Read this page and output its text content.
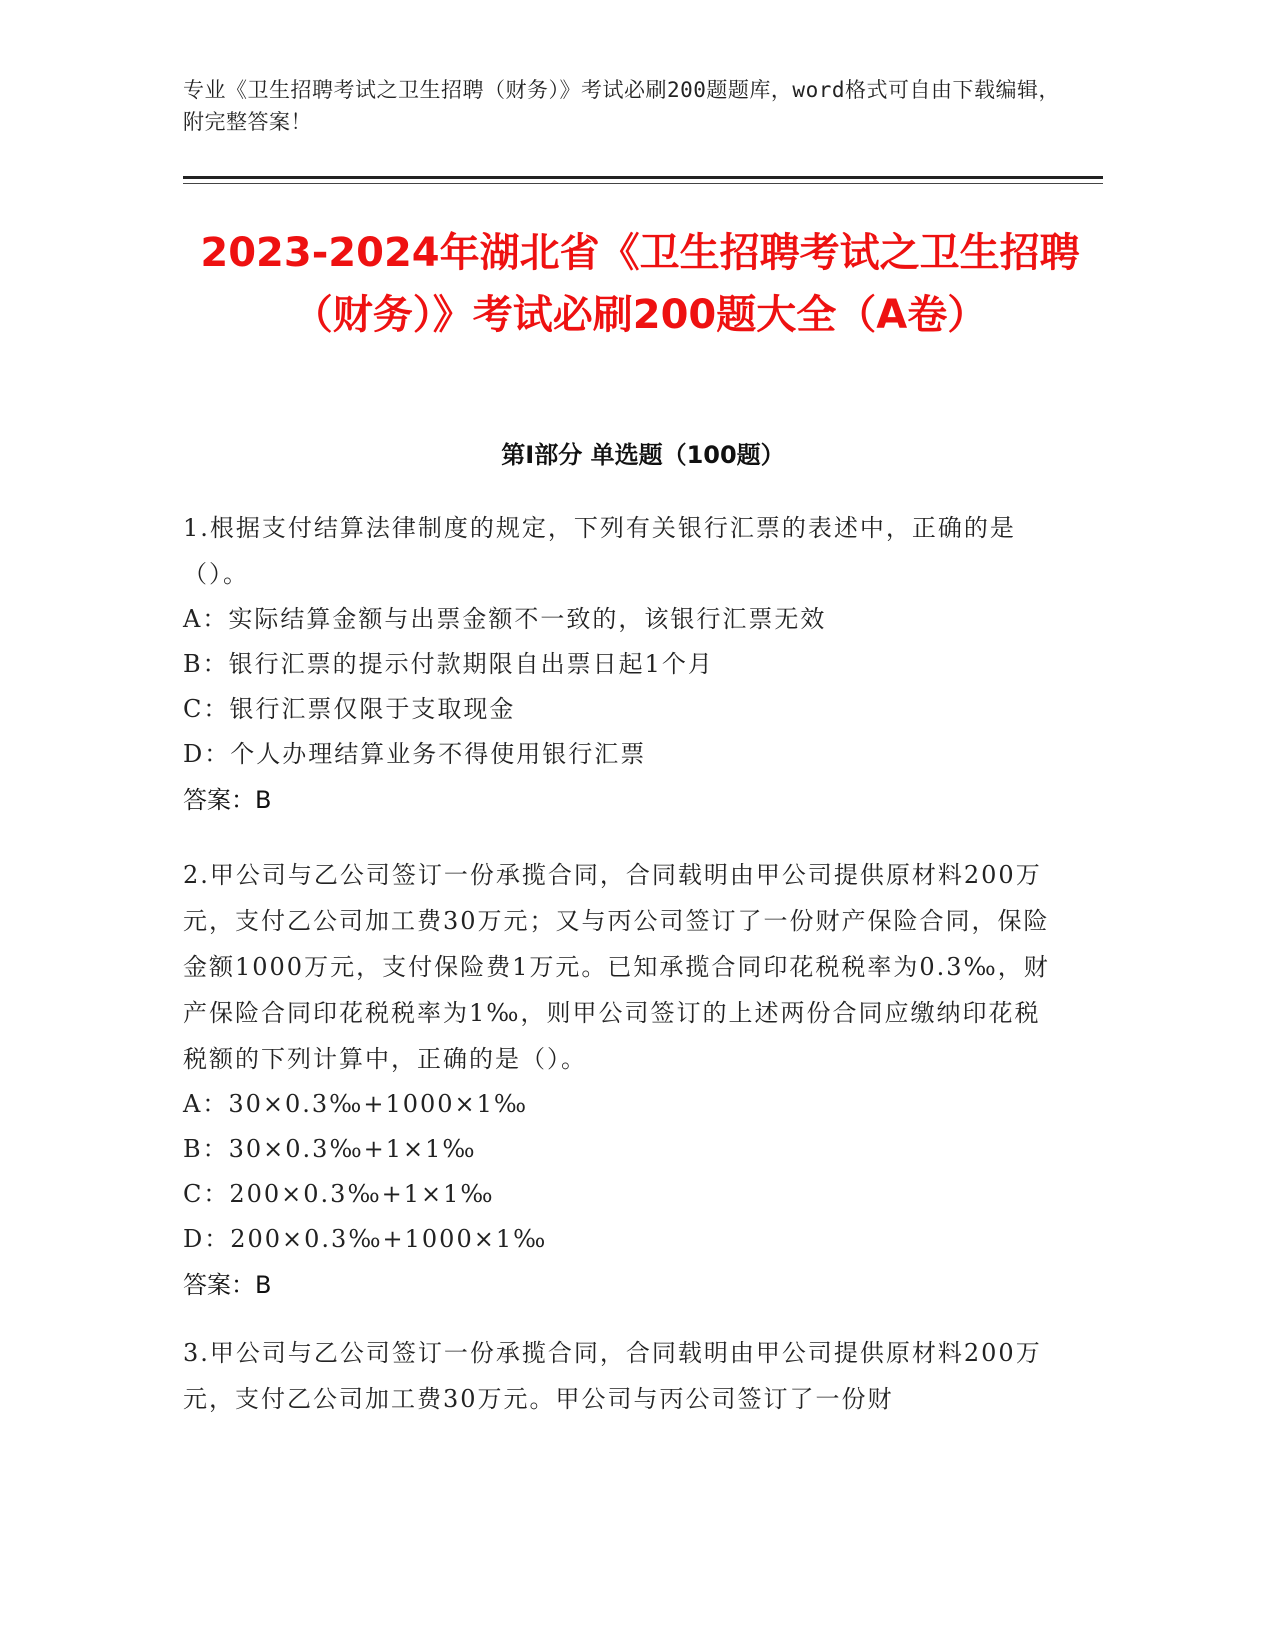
专业《卫生招聘考试之卫生招聘（财务）》考试必刷200题题库，word格式可自由下载编辑，附完整答案！
2023-2024年湖北省《卫生招聘考试之卫生招聘（财务）》考试必刷200题大全（A卷）
第I部分 单选题（100题）

1.根据支付结算法律制度的规定，下列有关银行汇票的表述中，正确的是（）。

A：实际结算金额与出票金额不一致的，该银行汇票无效

B：银行汇票的提示付款期限自出票日起1个月

C：银行汇票仅限于支取现金

D：个人办理结算业务不得使用银行汇票

答案：B

2.甲公司与乙公司签订一份承揽合同，合同载明由甲公司提供原材料200万元，支付乙公司加工费30万元；又与丙公司签订了一份财产保险合同，保险金额1000万元，支付保险费1万元。已知承揽合同印花税税率为0.3‰，财产保险合同印花税税率为1‰，则甲公司签订的上述两份合同应缴纳印花税税额的下列计算中，正确的是（）。

A：30×0.3‰+1000×1‰

B：30×0.3‰+1×1‰

C：200×0.3‰+1×1‰

D：200×0.3‰+1000×1‰

答案：B

3.甲公司与乙公司签订一份承揽合同，合同载明由甲公司提供原材料200万元，支付乙公司加工费30万元。甲公司与丙公司签订了一份财
